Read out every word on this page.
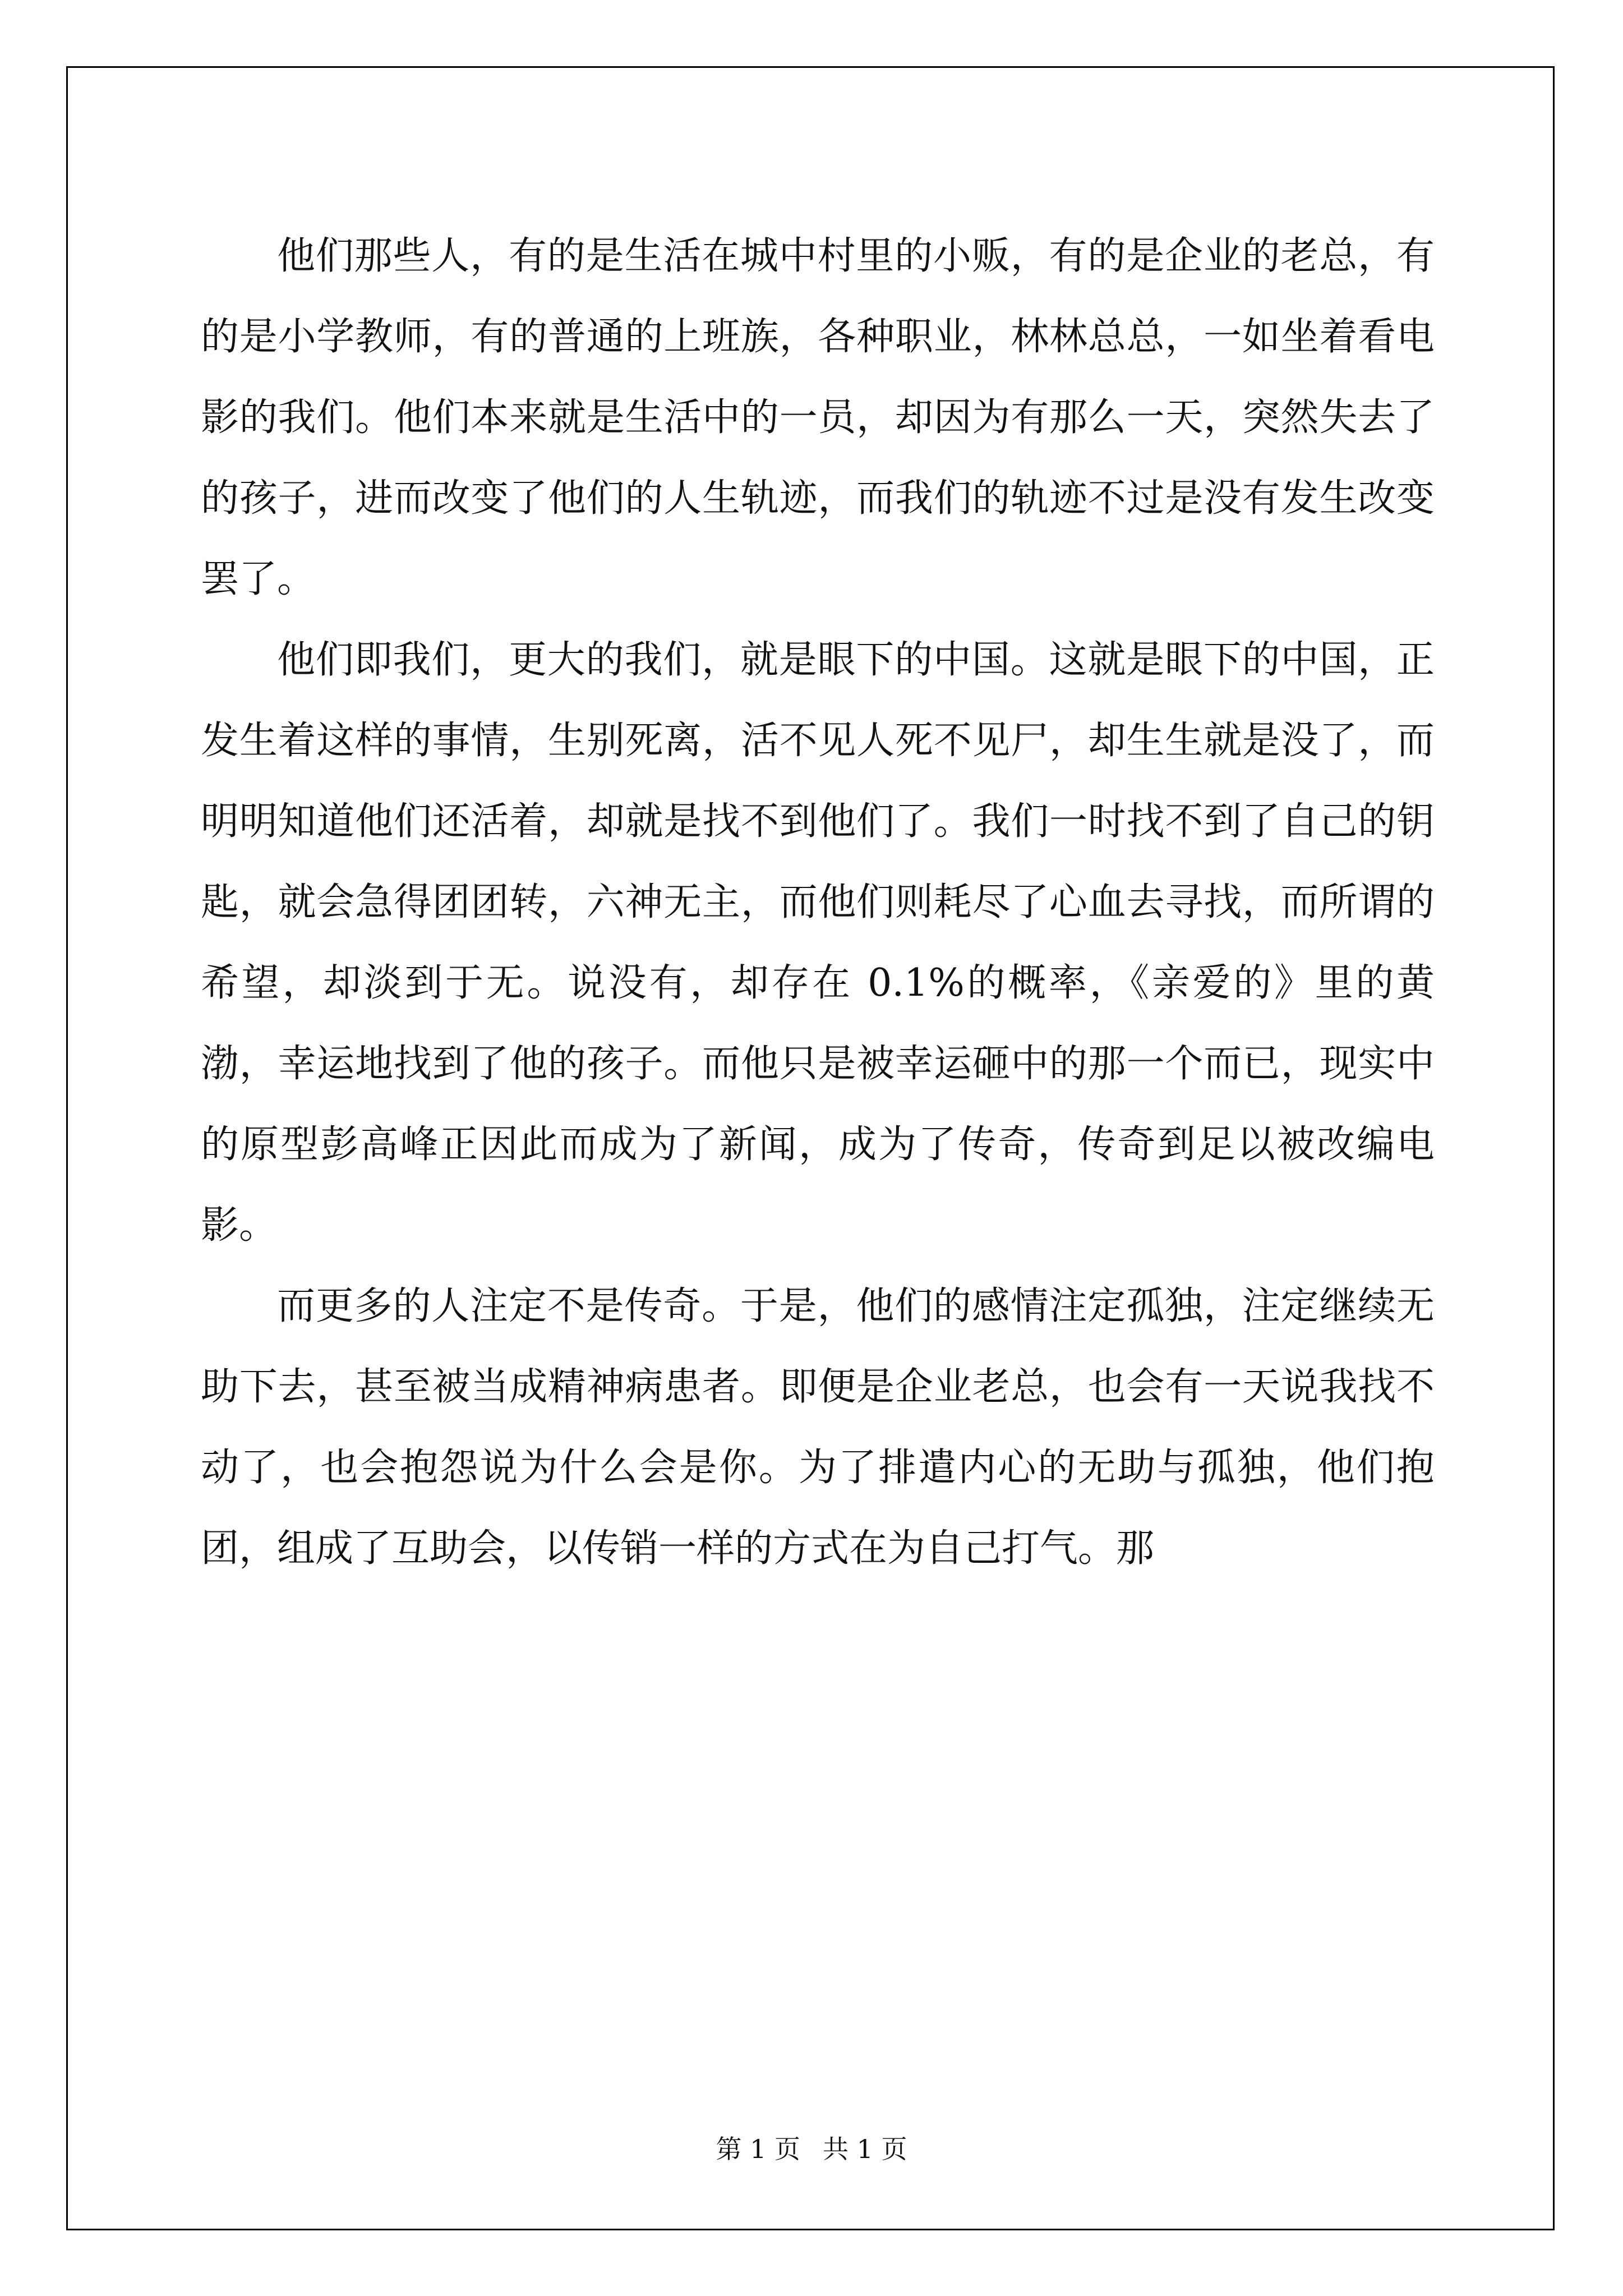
他们那些人，有的是生活在城中村里的小贩，有的是企业的老总，有的是小学教师，有的普通的上班族，各种职业，林林总总，一如坐着看电影的我们。他们本来就是生活中的一员，却因为有那么一天，突然失去了的孩子，进而改变了他们的人生轨迹，而我们的轨迹不过是没有发生改变罢了。

他们即我们，更大的我们，就是眼下的中国。这就是眼下的中国，正发生着这样的事情，生别死离，活不见人死不见尸，却生生就是没了，而明明知道他们还活着，却就是找不到他们了。我们一时找不到了自己的钥匙，就会急得团团转，六神无主，而他们则耗尽了心血去寻找，而所谓的希望，却淡到于无。说没有，却存在 0.1%的概率，《亲爱的》里的黄渤，幸运地找到了他的孩子。而他只是被幸运砸中的那一个而已，现实中的原型彭高峰正因此而成为了新闻，成为了传奇，传奇到足以被改编电影。

而更多的人注定不是传奇。于是，他们的感情注定孤独，注定继续无助下去，甚至被当成精神病患者。即便是企业老总，也会有一天说我找不动了，也会抱怨说为什么会是你。为了排遣内心的无助与孤独，他们抱团，组成了互助会，以传销一样的方式在为自己打气。那

第 1 页 共 1 页
